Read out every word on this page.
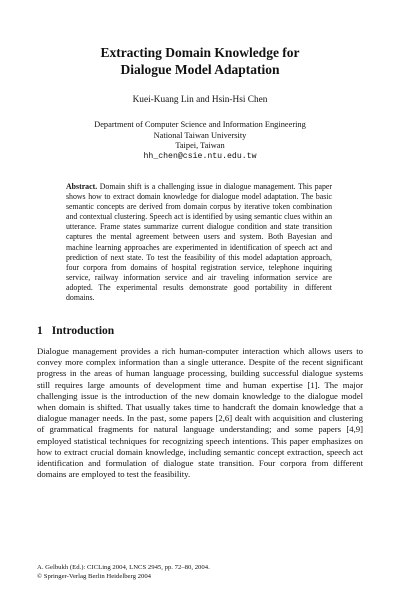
Extracting Domain Knowledge for
Dialogue Model Adaptation
Kuei-Kuang Lin and Hsin-Hsi Chen
Department of Computer Science and Information Engineering
National Taiwan University
Taipei, Taiwan
hh_chen@csie.ntu.edu.tw
Abstract. Domain shift is a challenging issue in dialogue management. This paper shows how to extract domain knowledge for dialogue model adaptation. The basic semantic concepts are derived from domain corpus by iterative token combination and contextual clustering. Speech act is identified by using semantic clues within an utterance. Frame states summarize current dialogue condition and state transition captures the mental agreement between users and system. Both Bayesian and machine learning approaches are experimented in identification of speech act and prediction of next state. To test the feasibility of this model adaptation approach, four corpora from domains of hospital registration service, telephone inquiring service, railway information service and air traveling information service are adopted. The experimental results demonstrate good portability in different domains.
1 Introduction
Dialogue management provides a rich human-computer interaction which allows users to convey more complex information than a single utterance. Despite of the recent significant progress in the areas of human language processing, building successful dialogue systems still requires large amounts of development time and human expertise [1]. The major challenging issue is the introduction of the new domain knowledge to the dialogue model when domain is shifted. That usually takes time to handcraft the domain knowledge that a dialogue manager needs. In the past, some papers [2,6] dealt with acquisition and clustering of grammatical fragments for natural language understanding; and some papers [4,9] employed statistical techniques for recognizing speech intentions. This paper emphasizes on how to extract crucial domain knowledge, including semantic concept extraction, speech act identification and formulation of dialogue state transition. Four corpora from different domains are employed to test the feasibility.
A. Gelbukh (Ed.): CICLing 2004, LNCS 2945, pp. 72–80, 2004.
© Springer-Verlag Berlin Heidelberg 2004
